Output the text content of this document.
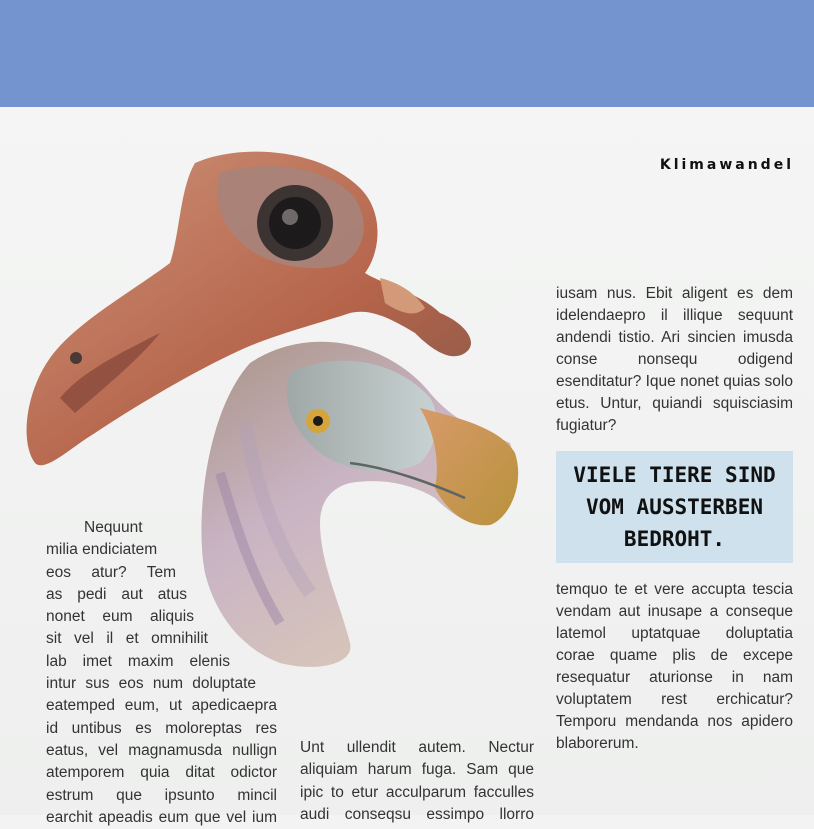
Klimawandel

iusam nus. Ebit aligent es dem idelendaepro il illique sequunt andendi tistio. Ari sincien imusda conse nonsequ odigend esenditatur? Ique nonet quias solo etus. Untur, quiandi squisciasim fugiatur?

VIELE TIERE SIND VOM AUSSTERBEN BEDROHT.

temquo te et vere accupta tescia vendam aut inusape a conseque latemol uptatquae doluptatia corae quame plis de excepe resequatur aturionse in nam voluptatem rest erchicatur? Temporu mendanda nos apidero blaborerum.

Nequunt
milia endiciatem
eos atur? Tem
as pedi aut atus
nonet eum aliquis
sit vel il et omnihilit
lab imet maxim elenis
intur sus eos num doluptate
eatemped eum, ut apedicaepra
id untibus es moloreptas res
eatus, vel magnamusda nullign
atemporem quia ditat odictor
estrum que ipsunto mincil
earchit apeadis eum que vel ium
Unt ullendit autem. Nectur
aliquiam harum fuga. Sam que
ipic to etur acculparum facculles
audi conseqsu essimpo llorro
